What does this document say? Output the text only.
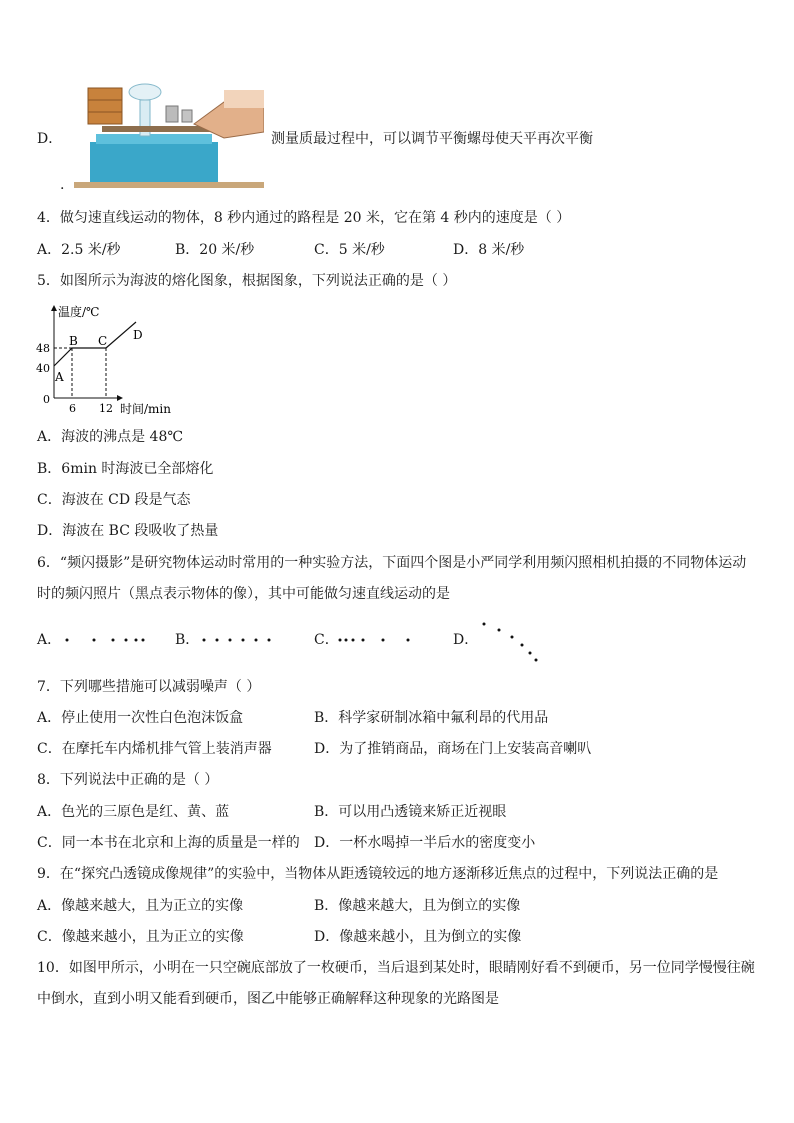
D．	测量质最过程中，可以调节平衡螺母使天平再次平衡
.
4．做匀速直线运动的物体，8 秒内通过的路程是 20 米，它在第 4 秒内的速度是（ ）
A．2.5 米/秒	B．20 米/秒	C．5 米/秒	D．8 米/秒
5．如图所示为海波的熔化图象，根据图象，下列说法正确的是（ ）
温度/℃
48
40
0
6 12 时间/min
A
B C D
A．海波的沸点是 48℃
B．6min 时海波已全部熔化
C．海波在 CD 段是气态
D．海波在 BC 段吸收了热量
6．“频闪摄影”是研究物体运动时常用的一种实验方法，下面四个图是小严同学利用频闪照相机拍摄的不同物体运动
时的频闪照片（黑点表示物体的像），其中可能做匀速直线运动的是
A．	B．	C．	D．
7．下列哪些措施可以减弱噪声（ ）
A．停止使用一次性白色泡沫饭盒	B．科学家研制冰箱中氟利昂的代用品
C．在摩托车内烯机排气管上装消声器	D．为了推销商品，商场在门上安装高音喇叭
8．下列说法中正确的是（ ）
A．色光的三原色是红、黄、蓝	B．可以用凸透镜来矫正近视眼
C．同一本书在北京和上海的质量是一样的 D．一杯水喝掉一半后水的密度变小
9．在“探究凸透镜成像规律”的实验中，当物体从距透镜较远的地方逐渐移近焦点的过程中，下列说法正确的是
A．像越来越大，且为正立的实像	B．像越来越大，且为倒立的实像
C．像越来越小，且为正立的实像	D．像越来越小，且为倒立的实像
10．如图甲所示，小明在一只空碗底部放了一枚硬币，当后退到某处时，眼睛刚好看不到硬币，另一位同学慢慢往碗
中倒水，直到小明又能看到硬币，图乙中能够正确解释这种现象的光路图是
